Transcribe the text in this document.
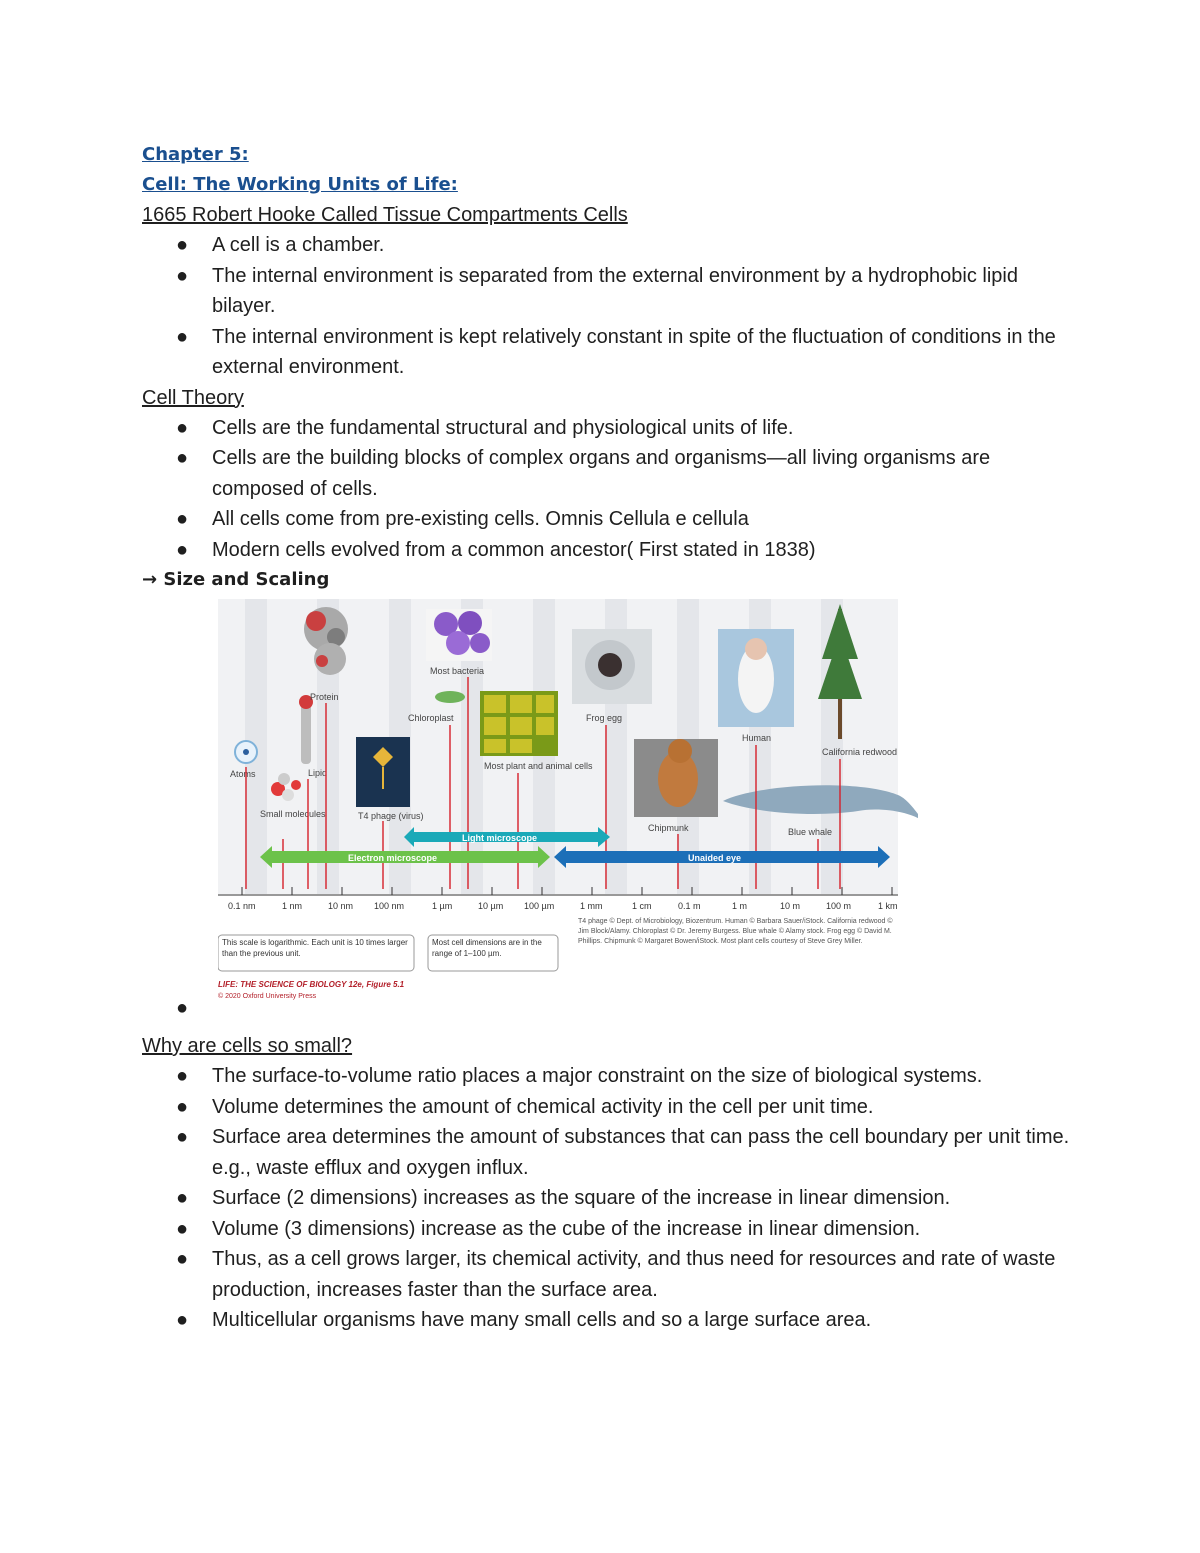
Chapter 5:

Cell: The Working Units of Life:

1665 Robert Hooke Called Tissue Compartments Cells

● A cell is a chamber.
● The internal environment is separated from the external environment by a hydrophobic lipid bilayer.
● The internal environment is kept relatively constant in spite of the fluctuation of conditions in the external environment.

Cell Theory

● Cells are the fundamental structural and physiological units of life.
● Cells are the building blocks of complex organs and organisms—all living organisms are composed of cells.
● All cells come from pre-existing cells. Omnis Cellula e cellula
● Modern cells evolved from a common ancestor( First stated in 1838)

→ Size and Scaling

Atoms
Small molecules
Lipid
Protein
T4 phage (virus)
Chloroplast
Most bacteria
Most plant and animal cells
Frog egg
Chipmunk
Human
California redwood
Blue whale
Light microscope
Electron microscope	Unaided eye
0.1 nm	1 nm	10 nm 100 nm	1 µm	10 µm 100 µm	1 mm	1 cm	0.1 m	1 m	10 m	100 m	1 km
This scale is logarithmic. Each unit is 10 times larger than the previous unit.
Most cell dimensions are in the range of 1–100 µm.
T4 phage © Dept. of Microbiology, Biozentrum. Human © Barbara Sauer/iStock. California redwood © Jim Block/Alamy. Chloroplast © Dr. Jeremy Burgess. Blue whale © Alamy stock. Frog egg © David M. Phillips. Chipmunk © Margaret Bowen/iStock. Most plant cells courtesy of Steve Grey Miller.
LIFE: THE SCIENCE OF BIOLOGY 12e, Figure 5.1
© 2020 Oxford University Press
●

Why are cells so small?

● The surface-to-volume ratio places a major constraint on the size of biological systems.
● Volume determines the amount of chemical activity in the cell per unit time.
● Surface area determines the amount of substances that can pass the cell boundary per unit time. e.g., waste efflux and oxygen influx.
● Surface (2 dimensions) increases as the square of the increase in linear dimension.
● Volume (3 dimensions) increase as the cube of the increase in linear dimension.
● Thus, as a cell grows larger, its chemical activity, and thus need for resources and rate of waste production, increases faster than the surface area.
● Multicellular organisms have many small cells and so a large surface area.
